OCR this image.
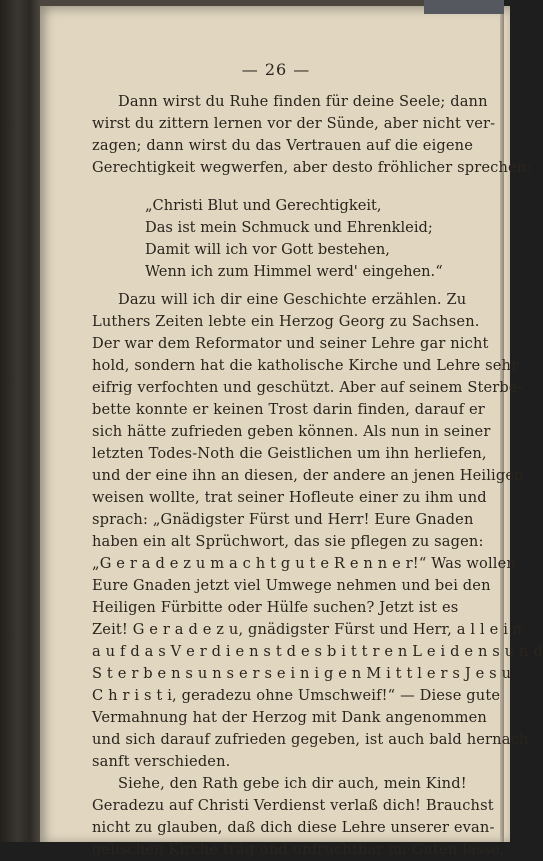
— 26 —
Dann wirst du Ruhe finden für deine Seele; dann
wirst du zittern lernen vor der Sünde, aber nicht ver-
zagen; dann wirst du das Vertrauen auf die eigene
Gerechtigkeit wegwerfen, aber desto fröhlicher sprechen:
„Christi Blut und Gerechtigkeit,
Das ist mein Schmuck und Ehrenkleid;
Damit will ich vor Gott bestehen,
Wenn ich zum Himmel werd' eingehen.“
Dazu will ich dir eine Geschichte erzählen. Zu
Luthers Zeiten lebte ein Herzog Georg zu Sachsen.
Der war dem Reformator und seiner Lehre gar nicht
hold, sondern hat die katholische Kirche und Lehre sehr
eifrig verfochten und geschützt. Aber auf seinem Sterbe-
bette konnte er keinen Trost darin finden, darauf er
sich hätte zufrieden geben können. Als nun in seiner
letzten Todes-Noth die Geistlichen um ihn herliefen,
und der eine ihn an diesen, der andere an jenen Heiligen
weisen wollte, trat seiner Hofleute einer zu ihm und
sprach: „Gnädigster Fürst und Herr! Eure Gnaden
haben ein alt Sprüchwort, das sie pflegen zu sagen:
„G e r a d e z u m a c h t g u t e R e n n e r!“ Was wollen
Eure Gnaden jetzt viel Umwege nehmen und bei den
Heiligen Fürbitte oder Hülfe suchen? Jetzt ist es
Zeit! G e r a d e z u, gnädigster Fürst und Herr, a l l e i n
a u f d a s V e r d i e n s t d e s b i t t r e n L e i d e n s u n d
S t e r b e n s u n s e r s e i n i g e n M i t t l e r s J e s u
C h r i s t i, geradezu ohne Umschweif!“ — Diese gute
Vermahnung hat der Herzog mit Dank angenommen
und sich darauf zufrieden gegeben, ist auch bald hernach
sanft verschieden.
Siehe, den Rath gebe ich dir auch, mein Kind!
Geradezu auf Christi Verdienst verlaß dich! Brauchst
nicht zu glauben, daß dich diese Lehre unserer evan-
gelischen Kirche träg und unfruchtbar im Guten lasse,
